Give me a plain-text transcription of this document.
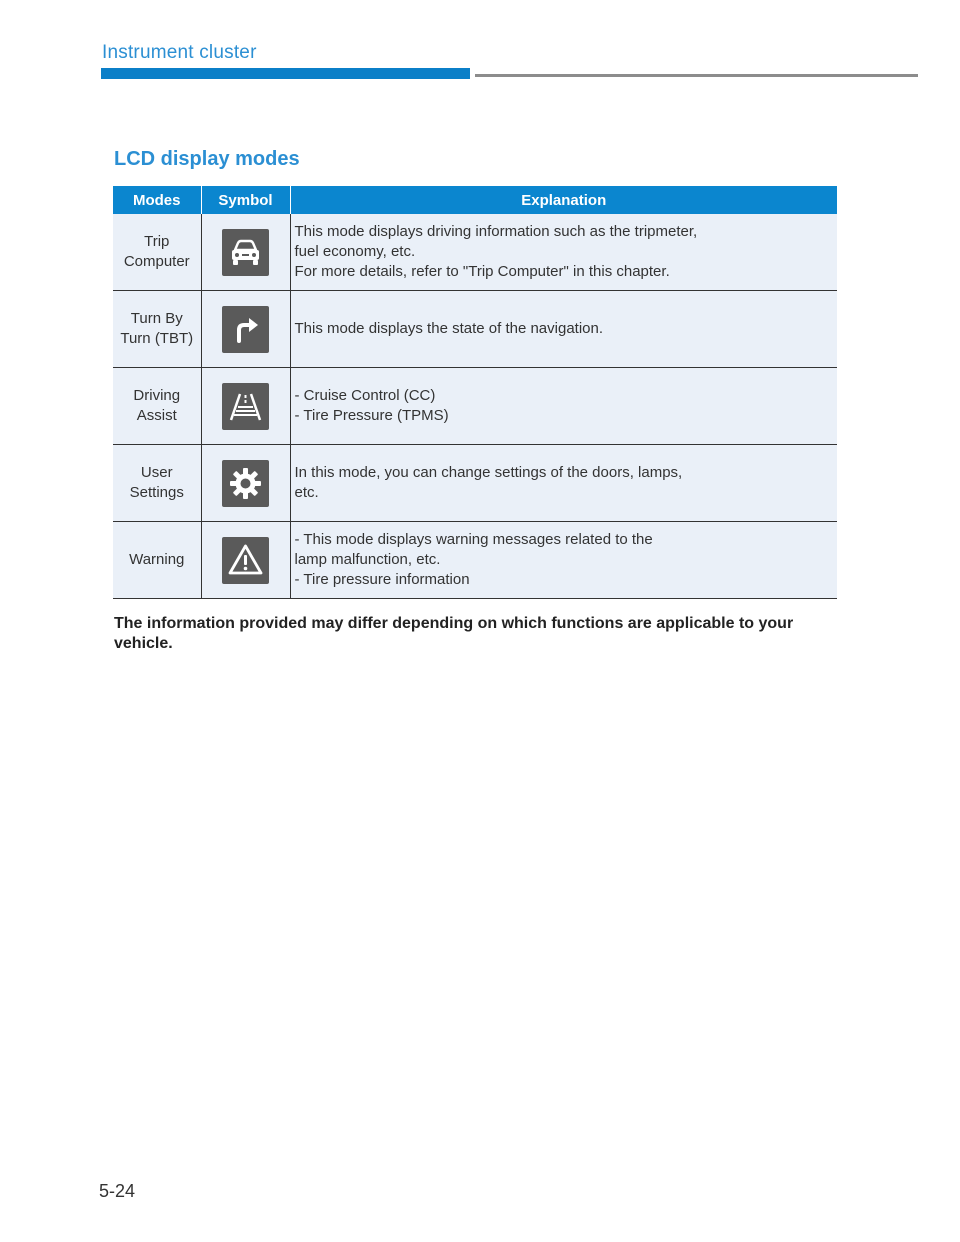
Instrument cluster
LCD display modes
Modes	Symbol	Explanation

Trip
Computer		This mode displays driving information such as the tripmeter,
fuel economy, etc.
For more details, refer to "Trip Computer" in this chapter.

Turn By
Turn (TBT)		This mode displays the state of the navigation.

Driving
Assist		- Cruise Control (CC)
- Tire Pressure (TPMS)

User
Settings		In this mode, you can change settings of the doors, lamps,
etc.

Warning		- This mode displays warning messages related to the
lamp malfunction, etc.
- Tire pressure information
The information provided may differ depending on which functions are applicable to your vehicle.
5-24
